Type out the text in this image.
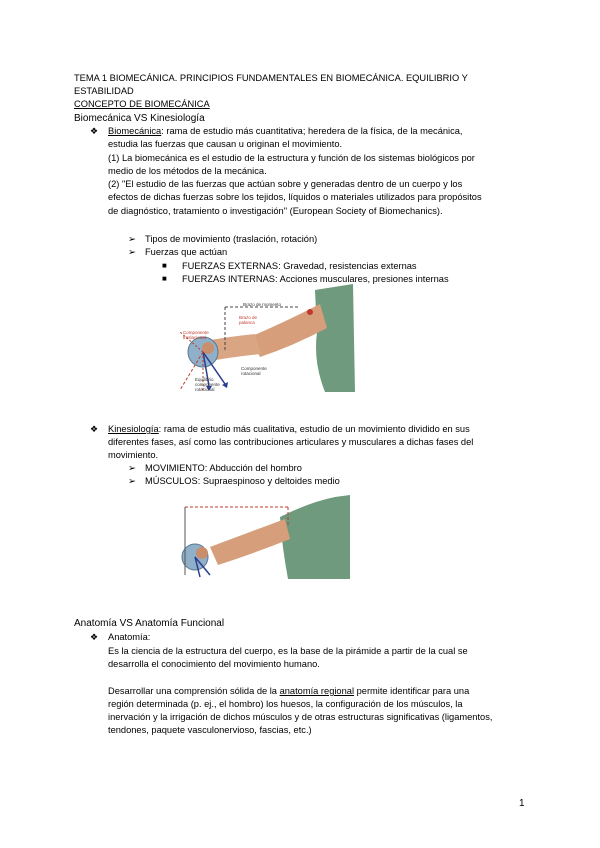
TEMA 1 BIOMECÁNICA. PRINCIPIOS FUNDAMENTALES EN BIOMECÁNICA. EQUILIBRIO Y
ESTABILIDAD
CONCEPTO DE BIOMECÁNICA
Biomecánica VS Kinesiología
❖ Biomecánica: rama de estudio más cuantitativa; heredera de la física, de la mecánica,
estudia las fuerzas que causan u originan el movimiento.
(1) La biomecánica es el estudio de la estructura y función de los sistemas biológicos por
medio de los métodos de la mecánica.
(2) "El estudio de las fuerzas que actúan sobre y generadas dentro de un cuerpo y los
efectos de dichas fuerzas sobre los tejidos, líquidos o materiales utilizados para propósitos
de diagnóstico, tratamiento o investigación" (European Society of Biomechanics).
➢ Tipos de movimiento (traslación, rotación)
➢ Fuerzas que actúan
■ FUERZAS EXTERNAS: Gravedad, resistencias externas
■ FUERZAS INTERNAS: Acciones musculares, presiones internas
Brazo de momento
Brazo de
palanca
Componente
traslacional
Componente
rotacional
Equilibrio
componente
rotacional
❖ Kinesiología: rama de estudio más cualitativa, estudio de un movimiento dividido en sus
diferentes fases, así como las contribuciones articulares y musculares a dichas fases del
movimiento.
➢ MOVIMIENTO: Abducción del hombro
➢ MÚSCULOS: Supraespinoso y deltoides medio
Anatomía VS Anatomía Funcional
❖ Anatomía:
Es la ciencia de la estructura del cuerpo, es la base de la pirámide a partir de la cual se
desarrolla el conocimiento del movimiento humano.
Desarrollar una comprensión sólida de la anatomía regional permite identificar para una
región determinada (p. ej., el hombro) los huesos, la configuración de los músculos, la
inervación y la irrigación de dichos músculos y de otras estructuras significativas (ligamentos,
tendones, paquete vasculonervioso, fascias, etc.)
1
